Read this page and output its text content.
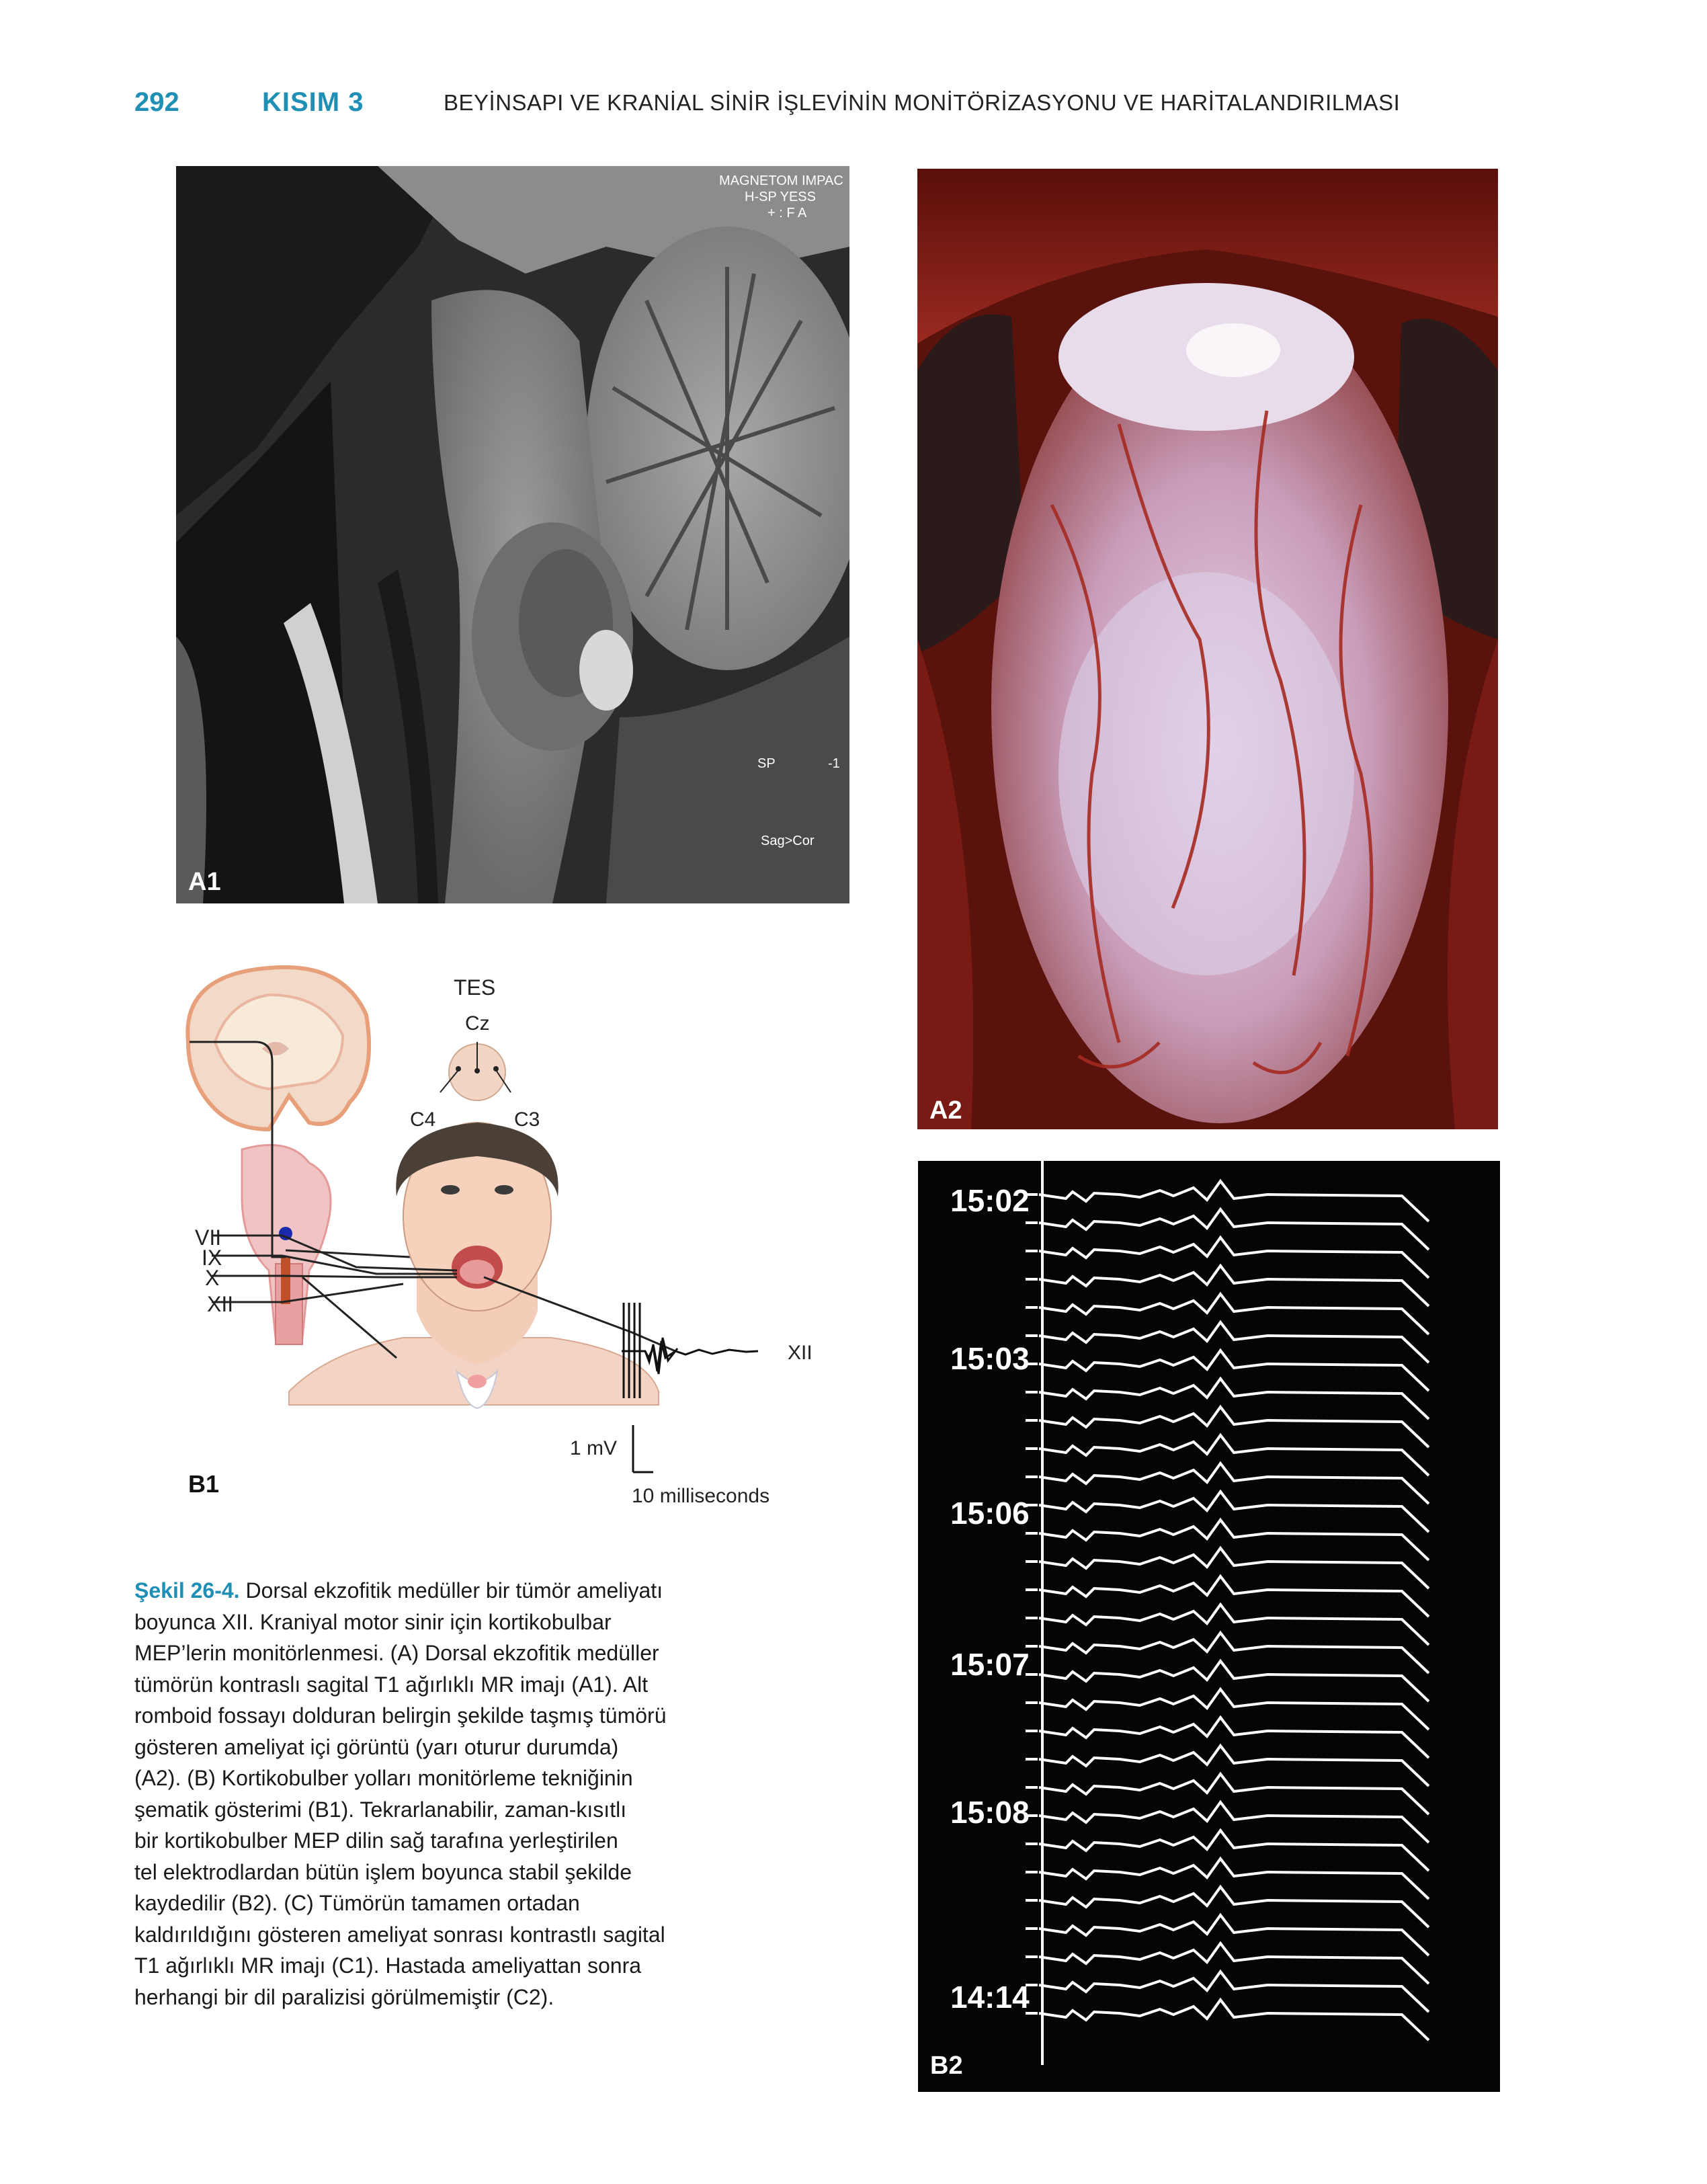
292	KISIM 3	BEYİNSAPI VE KRANİAL SİNİR İŞLEVİNİN MONİTÖRİZASYONU VE HARİTALANDIRILMASI
MAGNETOM IMPAC
H-SP YESS
+ : F A
SP	-1
Sag>Cor
A1
A2
TES
Cz
C4	C3
VII
IX
X
XII
XII
1 mV
10 milliseconds
B1
15:02
15:03
15:06
15:07
15:08
14:14
B2
Şekil 26-4. Dorsal ekzofitik medüller bir tümör ameliyatı
boyunca XII. Kraniyal motor sinir için kortikobulbar
MEP’lerin monitörlenmesi. (A) Dorsal ekzofitik medüller
tümörün kontraslı sagital T1 ağırlıklı MR imajı (A1). Alt
romboid fossayı dolduran belirgin şekilde taşmış tümörü
gösteren ameliyat içi görüntü (yarı oturur durumda)
(A2). (B) Kortikobulber yolları monitörleme tekniğinin
şematik gösterimi (B1). Tekrarlanabilir, zaman-kısıtlı
bir kortikobulber MEP dilin sağ tarafına yerleştirilen
tel elektrodlardan bütün işlem boyunca stabil şekilde
kaydedilir (B2). (C) Tümörün tamamen ortadan
kaldırıldığını gösteren ameliyat sonrası kontrastlı sagital
T1 ağırlıklı MR imajı (C1). Hastada ameliyattan sonra
herhangi bir dil paralizisi görülmemiştir (C2).
